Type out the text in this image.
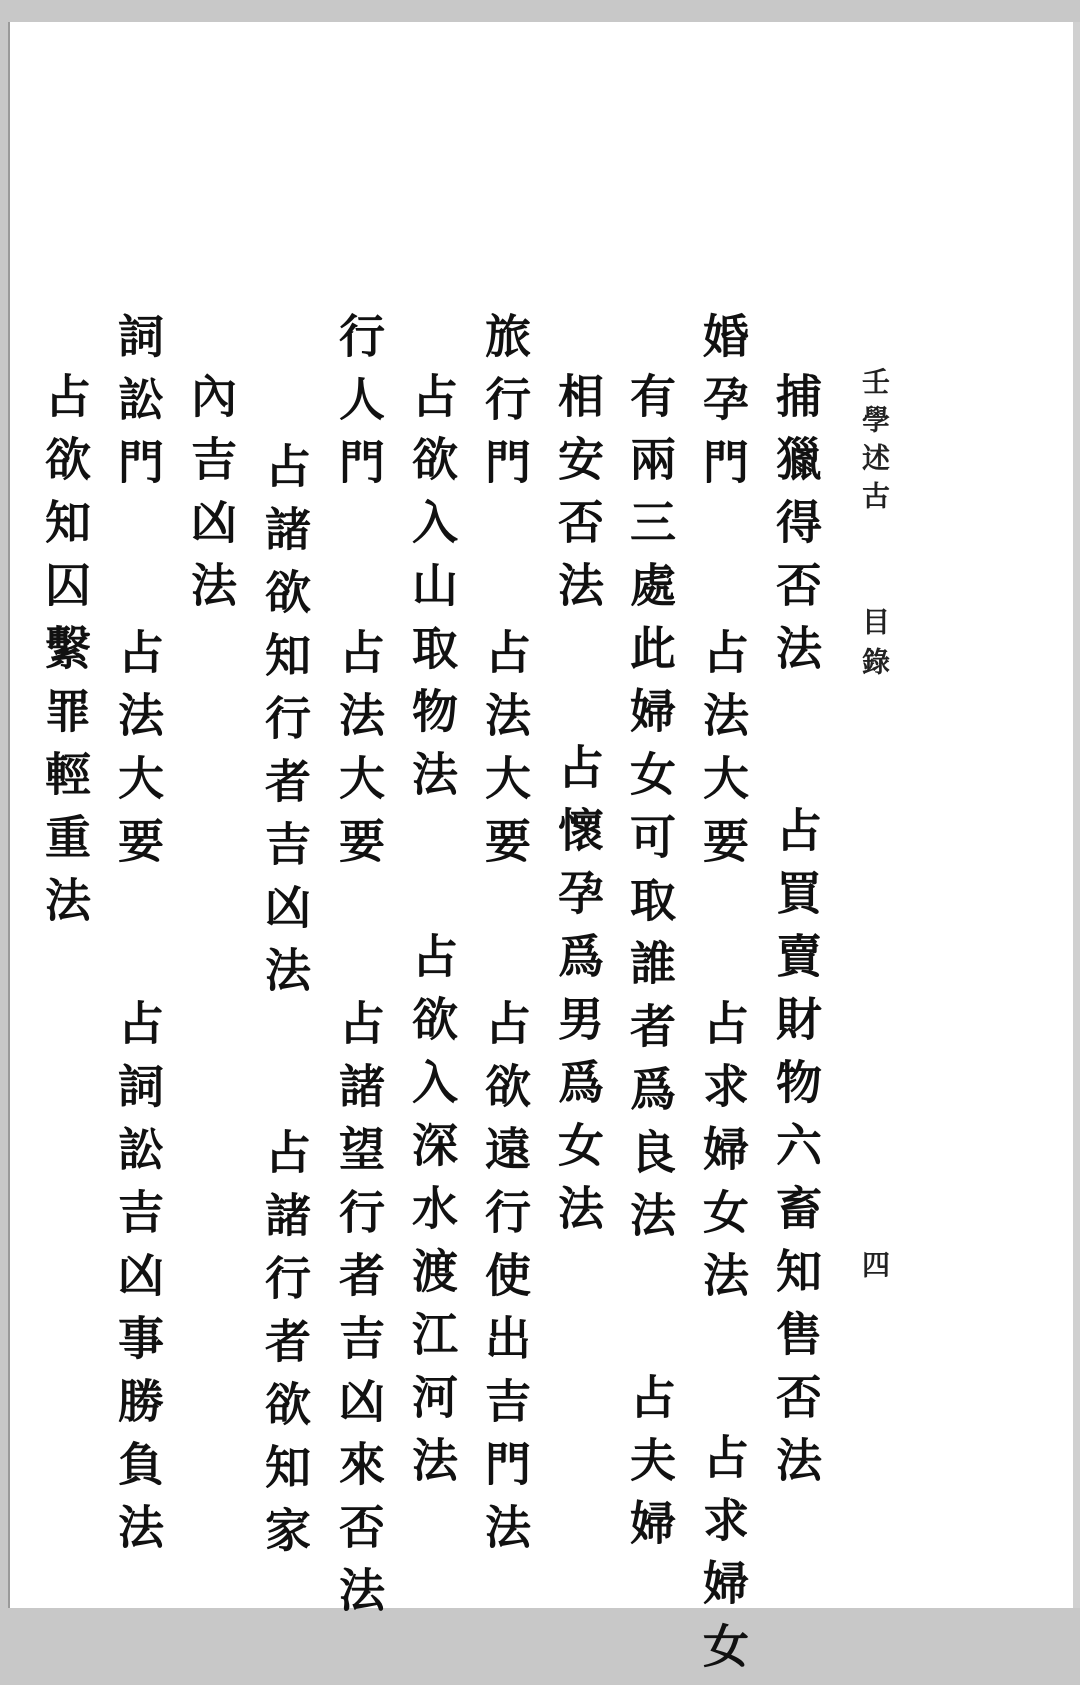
壬學述古
目錄
四
捕獵得否法 占買賣財物六畜知售否法
婚孕門 占法大要 占求婦女法 占求婦女
有兩三處此婦女可取誰者爲良法 占夫婦
相安否法 占懷孕爲男爲女法
旅行門 占法大要 占欲遠行使出吉門法
占欲入山取物法 占欲入深水渡江河法
行人門 占法大要 占諸望行者吉凶來否法
占諸欲知行者吉凶法 占諸行者欲知家
內吉凶法
詞訟門 占法大要 占詞訟吉凶事勝負法
占欲知囚繫罪輕重法
